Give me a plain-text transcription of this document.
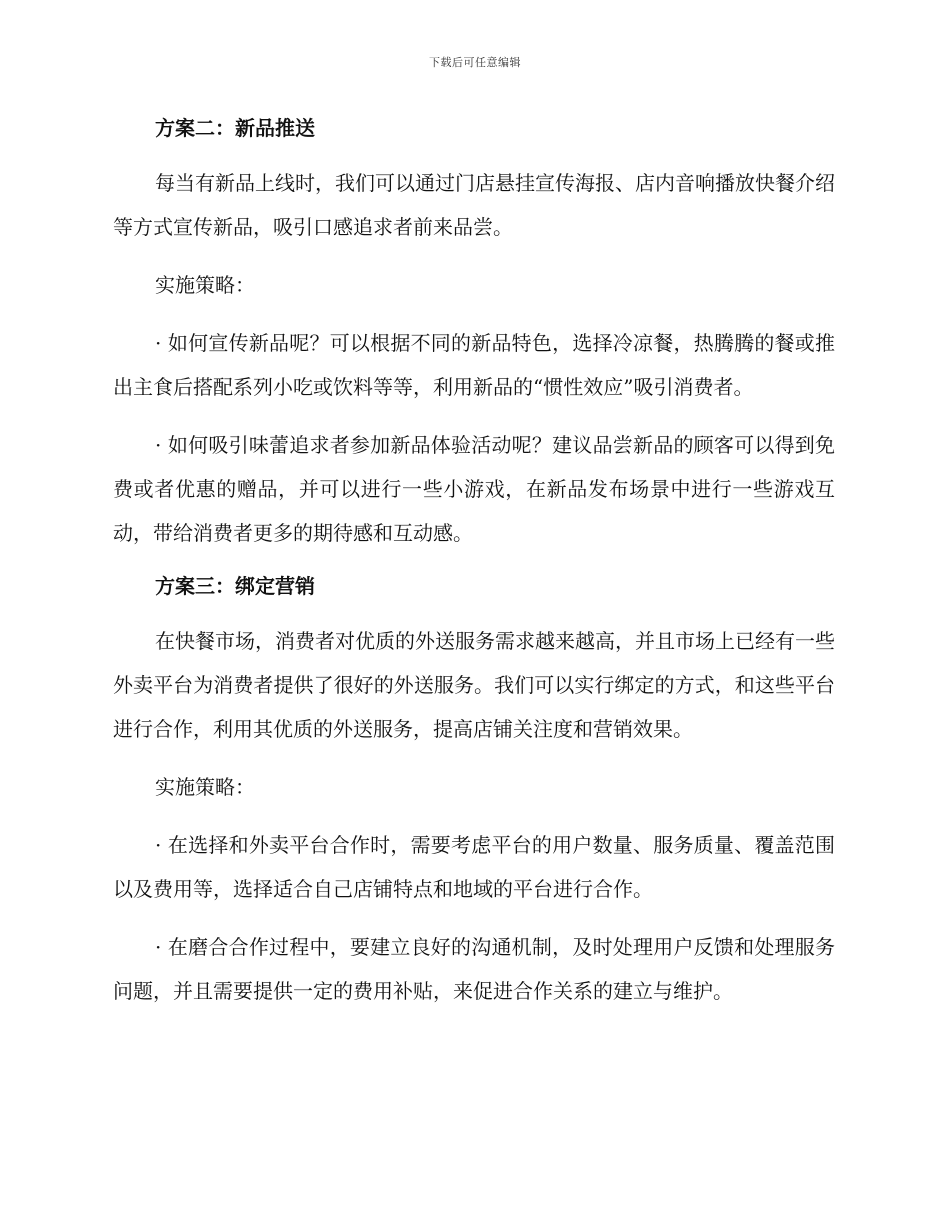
下载后可任意编辑
方案二：新品推送

每当有新品上线时，我们可以通过门店悬挂宣传海报、店内音响播放快餐介绍等方式宣传新品，吸引口感追求者前来品尝。

实施策略：

· 如何宣传新品呢？可以根据不同的新品特色，选择冷凉餐，热腾腾的餐或推出主食后搭配系列小吃或饮料等等，利用新品的“惯性效应”吸引消费者。

· 如何吸引味蕾追求者参加新品体验活动呢？建议品尝新品的顾客可以得到免费或者优惠的赠品，并可以进行一些小游戏，在新品发布场景中进行一些游戏互动，带给消费者更多的期待感和互动感。

方案三：绑定营销

在快餐市场，消费者对优质的外送服务需求越来越高，并且市场上已经有一些外卖平台为消费者提供了很好的外送服务。我们可以实行绑定的方式，和这些平台进行合作，利用其优质的外送服务，提高店铺关注度和营销效果。

实施策略：

· 在选择和外卖平台合作时，需要考虑平台的用户数量、服务质量、覆盖范围以及费用等，选择适合自己店铺特点和地域的平台进行合作。

· 在磨合合作过程中，要建立良好的沟通机制，及时处理用户反馈和处理服务问题，并且需要提供一定的费用补贴，来促进合作关系的建立与维护。
